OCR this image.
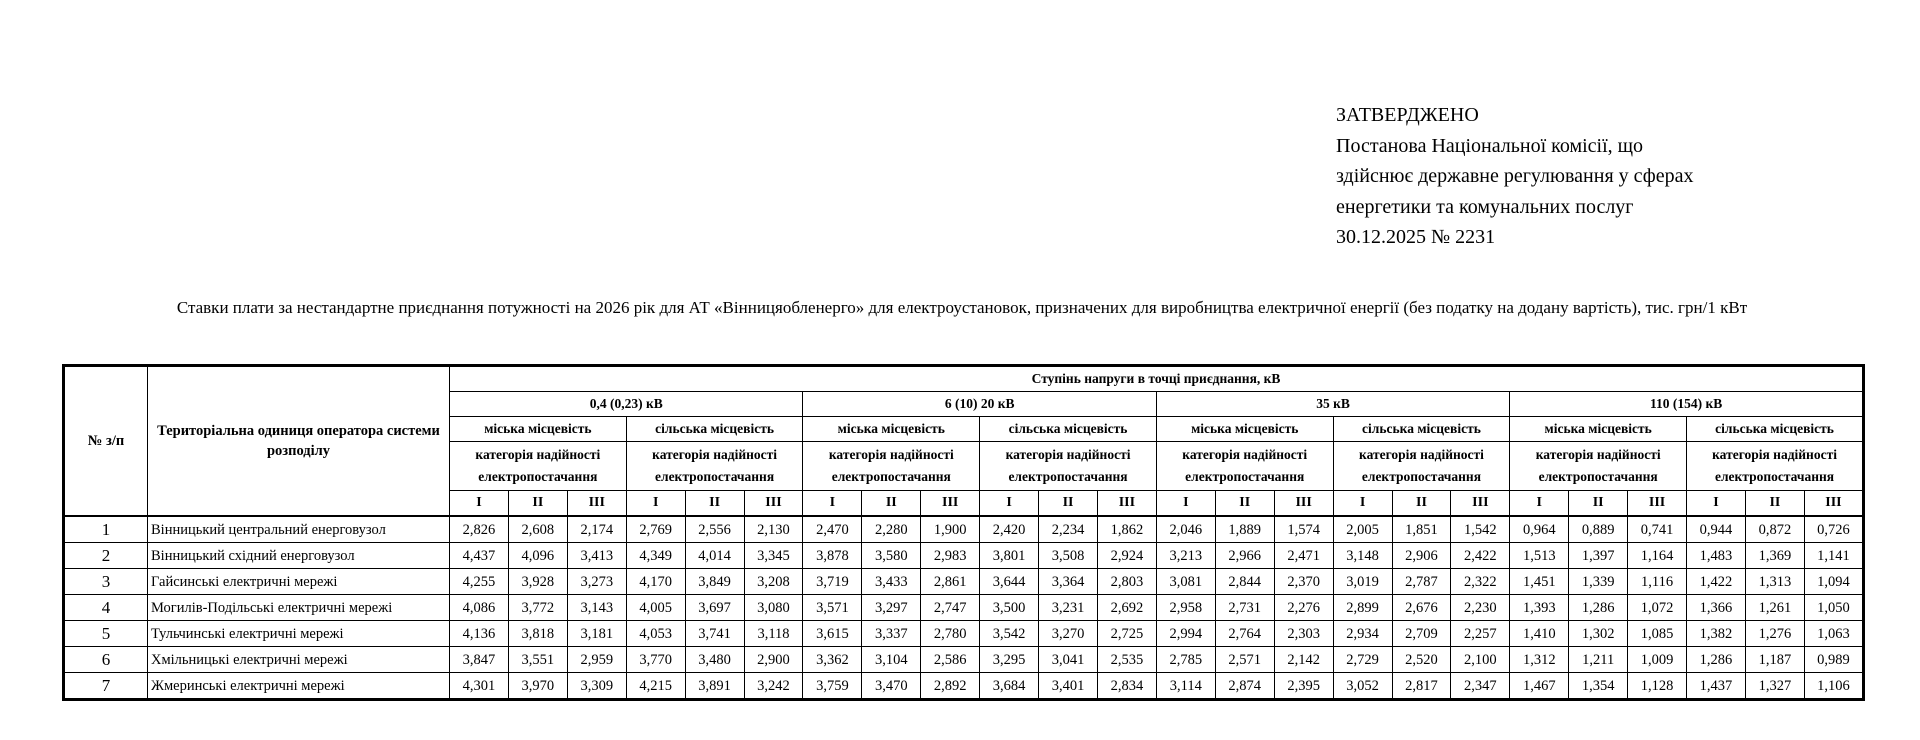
ЗАТВЕРДЖЕНО
Постанова Національної комісії, що
здійснює державне регулювання у сферах
енергетики та комунальних послуг
30.12.2025 № 2231
Ставки плати за нестандартне приєднання потужності на 2026 рік для АТ «Вінницяобленерго» для електроустановок, призначених для виробництва електричної енергії (без податку на додану вартість), тис. грн/1 кВт
№ з/п	Територіальна одиниця оператора системи розподілу	Ступінь напруги в точці приєднання, кВ																							
		0,4 (0,23) кВ						6 (10) 20 кВ						35 кВ						110 (154) кВ					
		міська місцевість			сільська місцевість			міська місцевість			сільська місцевість			міська місцевість			сільська місцевість			міська місцевість			сільська місцевість		
		категорія надійності електропостачання			категорія надійності електропостачання			категорія надійності електропостачання			категорія надійності електропостачання			категорія надійності електропостачання			категорія надійності електропостачання			категорія надійності електропостачання			категорія надійності електропостачання		
		I	II	III	I	II	III	I	II	III	I	II	III	I	II	III	I	II	III	I	II	III	I	II	III
1	Вінницький центральний енерговузол	2,826	2,608	2,174	2,769	2,556	2,130	2,470	2,280	1,900	2,420	2,234	1,862	2,046	1,889	1,574	2,005	1,851	1,542	0,964	0,889	0,741	0,944	0,872	0,726
2	Вінницький східний енерговузол	4,437	4,096	3,413	4,349	4,014	3,345	3,878	3,580	2,983	3,801	3,508	2,924	3,213	2,966	2,471	3,148	2,906	2,422	1,513	1,397	1,164	1,483	1,369	1,141
3	Гайсинські електричні мережі	4,255	3,928	3,273	4,170	3,849	3,208	3,719	3,433	2,861	3,644	3,364	2,803	3,081	2,844	2,370	3,019	2,787	2,322	1,451	1,339	1,116	1,422	1,313	1,094
4	Могилів-Подільські електричні мережі	4,086	3,772	3,143	4,005	3,697	3,080	3,571	3,297	2,747	3,500	3,231	2,692	2,958	2,731	2,276	2,899	2,676	2,230	1,393	1,286	1,072	1,366	1,261	1,050
5	Тульчинські електричні мережі	4,136	3,818	3,181	4,053	3,741	3,118	3,615	3,337	2,780	3,542	3,270	2,725	2,994	2,764	2,303	2,934	2,709	2,257	1,410	1,302	1,085	1,382	1,276	1,063
6	Хмільницькі електричні мережі	3,847	3,551	2,959	3,770	3,480	2,900	3,362	3,104	2,586	3,295	3,041	2,535	2,785	2,571	2,142	2,729	2,520	2,100	1,312	1,211	1,009	1,286	1,187	0,989
7	Жмеринські електричні мережі	4,301	3,970	3,309	4,215	3,891	3,242	3,759	3,470	2,892	3,684	3,401	2,834	3,114	2,874	2,395	3,052	2,817	2,347	1,467	1,354	1,128	1,437	1,327	1,106
